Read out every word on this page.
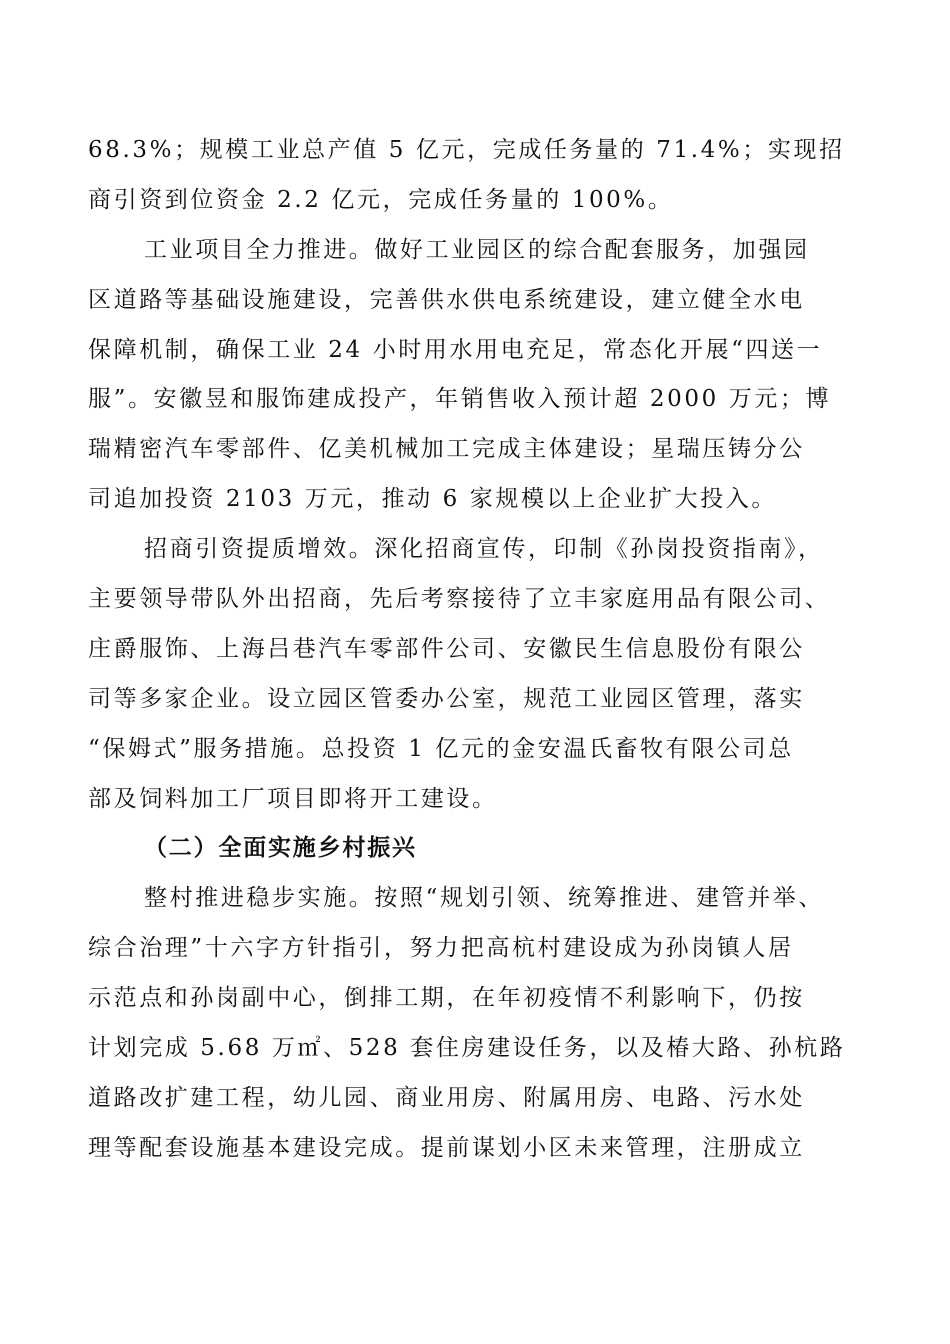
68.3%；规模工业总产值 5 亿元，完成任务量的 71.4%；实现招
商引资到位资金 2.2 亿元，完成任务量的 100%。
工业项目全力推进。做好工业园区的综合配套服务，加强园
区道路等基础设施建设，完善供水供电系统建设，建立健全水电
保障机制，确保工业 24 小时用水用电充足，常态化开展“四送一
服”。安徽昱和服饰建成投产，年销售收入预计超 2000 万元；博
瑞精密汽车零部件、亿美机械加工完成主体建设；星瑞压铸分公
司追加投资 2103 万元，推动 6 家规模以上企业扩大投入。
招商引资提质增效。深化招商宣传，印制《孙岗投资指南》，
主要领导带队外出招商，先后考察接待了立丰家庭用品有限公司、
庄爵服饰、上海吕巷汽车零部件公司、安徽民生信息股份有限公
司等多家企业。设立园区管委办公室，规范工业园区管理，落实
“保姆式”服务措施。总投资 1 亿元的金安温氏畜牧有限公司总
部及饲料加工厂项目即将开工建设。
（二）全面实施乡村振兴
整村推进稳步实施。按照“规划引领、统筹推进、建管并举、
综合治理”十六字方针指引，努力把高杭村建设成为孙岗镇人居
示范点和孙岗副中心，倒排工期，在年初疫情不利影响下，仍按
计划完成 5.68 万㎡、528 套住房建设任务，以及椿大路、孙杭路
道路改扩建工程，幼儿园、商业用房、附属用房、电路、污水处
理等配套设施基本建设完成。提前谋划小区未来管理，注册成立
